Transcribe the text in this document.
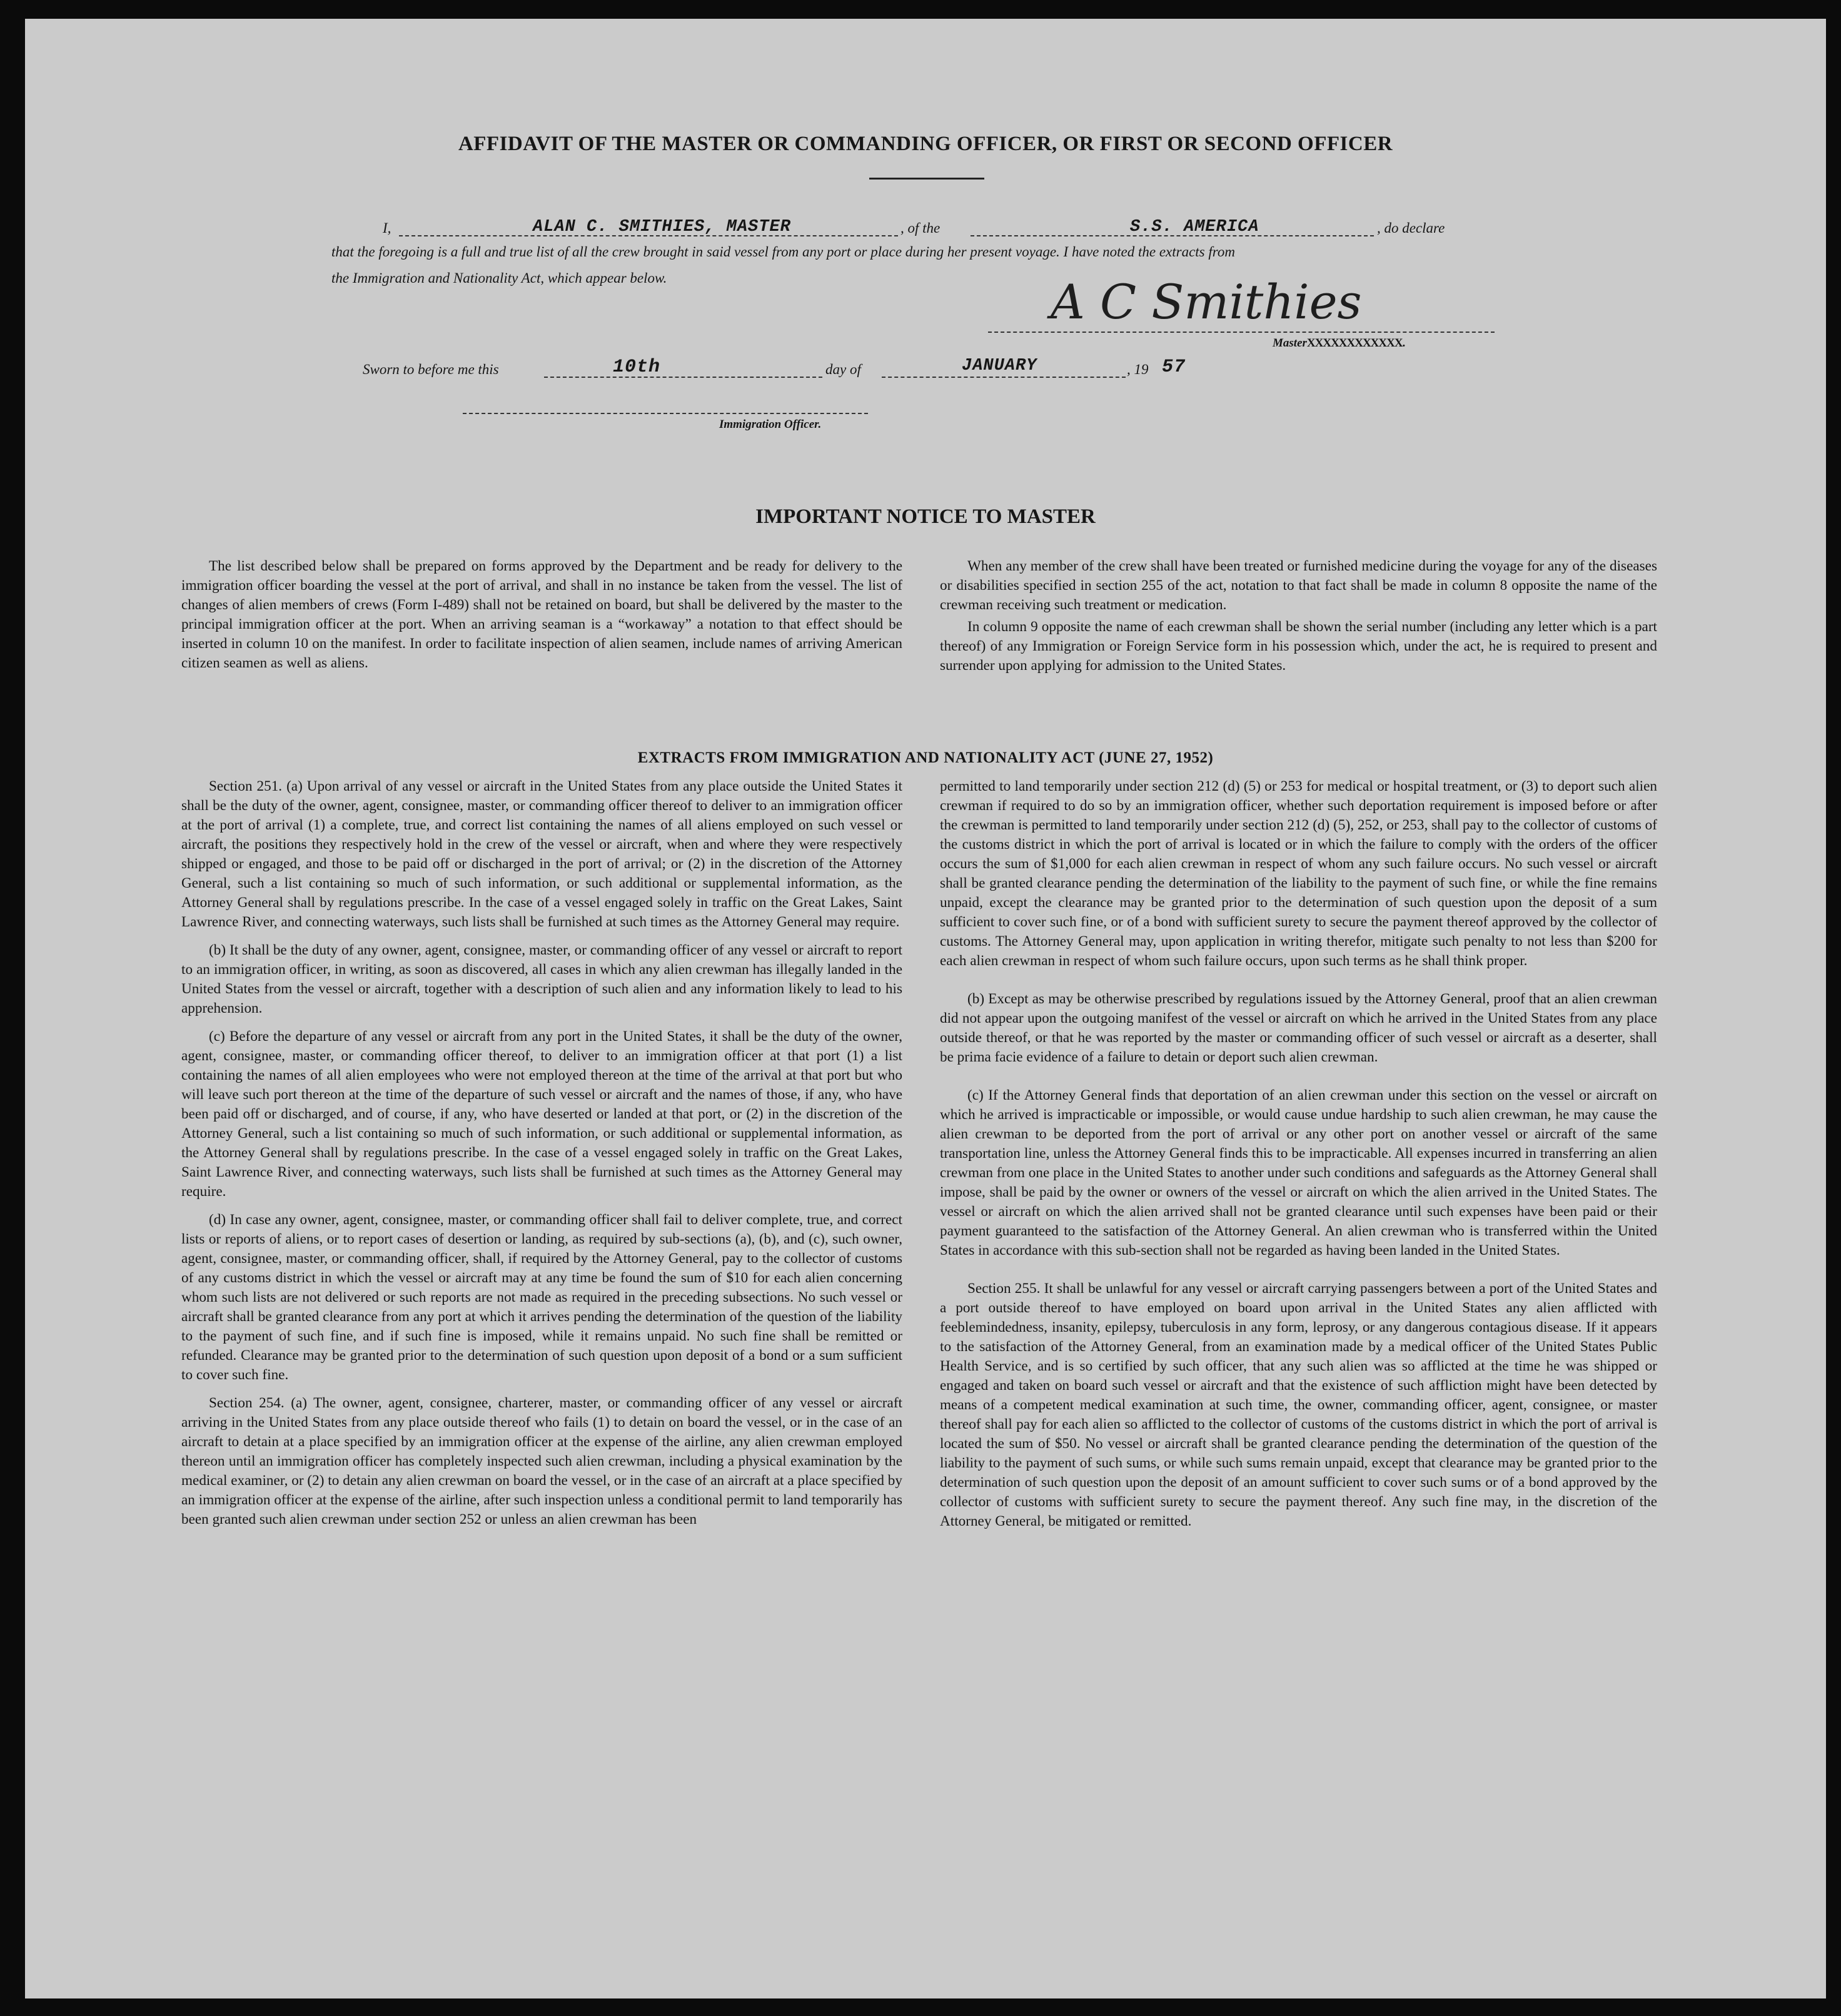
AFFIDAVIT OF THE MASTER OR COMMANDING OFFICER, OR FIRST OR SECOND OFFICER
I,	ALAN C. SMITHIES, MASTER	, of the	S.S. AMERICA	, do declare
that the foregoing is a full and true list of all the crew brought in said vessel from any port or place during her present voyage. I have noted the extracts from
the Immigration and Nationality Act, which appear below.	A C Smithies
MasterXXXXXXXXXXXX.
Sworn to before me this	10th	day of	JANUARY	, 19 57
Immigration Officer.
IMPORTANT NOTICE TO MASTER

The list described below shall be prepared on forms approved by the Department and be ready for delivery to the immigration officer boarding the vessel at the port of arrival, and shall in no instance be taken from the vessel. The list of changes of alien members of crews (Form I-489) shall not be retained on board, but shall be delivered by the master to the principal immigration officer at the port. When an arriving seaman is a “workaway” a notation to that effect should be inserted in column 10 on the manifest. In order to facilitate inspection of alien seamen, include names of arriving American citizen seamen as well as aliens.

When any member of the crew shall have been treated or furnished medicine during the voyage for any of the diseases or disabilities specified in section 255 of the act, notation to that fact shall be made in column 8 opposite the name of the crewman receiving such treatment or medication.

In column 9 opposite the name of each crewman shall be shown the serial number (including any letter which is a part thereof) of any Immigration or Foreign Service form in his possession which, under the act, he is required to present and surrender upon applying for admission to the United States.

EXTRACTS FROM IMMIGRATION AND NATIONALITY ACT (JUNE 27, 1952)

Section 251. (a) Upon arrival of any vessel or aircraft in the United States from any place outside the United States it shall be the duty of the owner, agent, consignee, master, or commanding officer thereof to deliver to an immigration officer at the port of arrival (1) a complete, true, and correct list containing the names of all aliens employed on such vessel or aircraft, the positions they respectively hold in the crew of the vessel or aircraft, when and where they were respectively shipped or engaged, and those to be paid off or discharged in the port of arrival; or (2) in the discretion of the Attorney General, such a list containing so much of such information, or such additional or supplemental information, as the Attorney General shall by regulations prescribe. In the case of a vessel engaged solely in traffic on the Great Lakes, Saint Lawrence River, and connecting waterways, such lists shall be furnished at such times as the Attorney General may require.

(b) It shall be the duty of any owner, agent, consignee, master, or commanding officer of any vessel or aircraft to report to an immigration officer, in writing, as soon as discovered, all cases in which any alien crewman has illegally landed in the United States from the vessel or aircraft, together with a description of such alien and any information likely to lead to his apprehension.

(c) Before the departure of any vessel or aircraft from any port in the United States, it shall be the duty of the owner, agent, consignee, master, or commanding officer thereof, to deliver to an immigration officer at that port (1) a list containing the names of all alien employees who were not employed thereon at the time of the arrival at that port but who will leave such port thereon at the time of the departure of such vessel or aircraft and the names of those, if any, who have been paid off or discharged, and of course, if any, who have deserted or landed at that port, or (2) in the discretion of the Attorney General, such a list containing so much of such information, or such additional or supplemental information, as the Attorney General shall by regulations prescribe. In the case of a vessel engaged solely in traffic on the Great Lakes, Saint Lawrence River, and connecting waterways, such lists shall be furnished at such times as the Attorney General may require.

(d) In case any owner, agent, consignee, master, or commanding officer shall fail to deliver complete, true, and correct lists or reports of aliens, or to report cases of desertion or landing, as required by sub-sections (a), (b), and (c), such owner, agent, consignee, master, or commanding officer, shall, if required by the Attorney General, pay to the collector of customs of any customs district in which the vessel or aircraft may at any time be found the sum of $10 for each alien concerning whom such lists are not delivered or such reports are not made as required in the preceding subsections. No such vessel or aircraft shall be granted clearance from any port at which it arrives pending the determination of the question of the liability to the payment of such fine, and if such fine is imposed, while it remains unpaid. No such fine shall be remitted or refunded. Clearance may be granted prior to the determination of such question upon deposit of a bond or a sum sufficient to cover such fine.

Section 254. (a) The owner, agent, consignee, charterer, master, or commanding officer of any vessel or aircraft arriving in the United States from any place outside thereof who fails (1) to detain on board the vessel, or in the case of an aircraft to detain at a place specified by an immigration officer at the expense of the airline, any alien crewman employed thereon until an immigration officer has completely inspected such alien crewman, including a physical examination by the medical examiner, or (2) to detain any alien crewman on board the vessel, or in the case of an aircraft at a place specified by an immigration officer at the expense of the airline, after such inspection unless a conditional permit to land temporarily has been granted such alien crewman under section 252 or unless an alien crewman has been

permitted to land temporarily under section 212 (d) (5) or 253 for medical or hospital treatment, or (3) to deport such alien crewman if required to do so by an immigration officer, whether such deportation requirement is imposed before or after the crewman is permitted to land temporarily under section 212 (d) (5), 252, or 253, shall pay to the collector of customs of the customs district in which the port of arrival is located or in which the failure to comply with the orders of the officer occurs the sum of $1,000 for each alien crewman in respect of whom any such failure occurs. No such vessel or aircraft shall be granted clearance pending the determination of the liability to the payment of such fine, or while the fine remains unpaid, except the clearance may be granted prior to the determination of such question upon the deposit of a sum sufficient to cover such fine, or of a bond with sufficient surety to secure the payment thereof approved by the collector of customs. The Attorney General may, upon application in writing therefor, mitigate such penalty to not less than $200 for each alien crewman in respect of whom such failure occurs, upon such terms as he shall think proper.

(b) Except as may be otherwise prescribed by regulations issued by the Attorney General, proof that an alien crewman did not appear upon the outgoing manifest of the vessel or aircraft on which he arrived in the United States from any place outside thereof, or that he was reported by the master or commanding officer of such vessel or aircraft as a deserter, shall be prima facie evidence of a failure to detain or deport such alien crewman.

(c) If the Attorney General finds that deportation of an alien crewman under this section on the vessel or aircraft on which he arrived is impracticable or impossible, or would cause undue hardship to such alien crewman, he may cause the alien crewman to be deported from the port of arrival or any other port on another vessel or aircraft of the same transportation line, unless the Attorney General finds this to be impracticable. All expenses incurred in transferring an alien crewman from one place in the United States to another under such conditions and safeguards as the Attorney General shall impose, shall be paid by the owner or owners of the vessel or aircraft on which the alien arrived in the United States. The vessel or aircraft on which the alien arrived shall not be granted clearance until such expenses have been paid or their payment guaranteed to the satisfaction of the Attorney General. An alien crewman who is transferred within the United States in accordance with this sub-section shall not be regarded as having been landed in the United States.

Section 255. It shall be unlawful for any vessel or aircraft carrying passengers between a port of the United States and a port outside thereof to have employed on board upon arrival in the United States any alien afflicted with feeblemindedness, insanity, epilepsy, tuberculosis in any form, leprosy, or any dangerous contagious disease. If it appears to the satisfaction of the Attorney General, from an examination made by a medical officer of the United States Public Health Service, and is so certified by such officer, that any such alien was so afflicted at the time he was shipped or engaged and taken on board such vessel or aircraft and that the existence of such affliction might have been detected by means of a competent medical examination at such time, the owner, commanding officer, agent, consignee, or master thereof shall pay for each alien so afflicted to the collector of customs of the customs district in which the port of arrival is located the sum of $50. No vessel or aircraft shall be granted clearance pending the determination of the question of the liability to the payment of such sums, or while such sums remain unpaid, except that clearance may be granted prior to the determination of such question upon the deposit of an amount sufficient to cover such sums or of a bond approved by the collector of customs with sufficient surety to secure the payment thereof. Any such fine may, in the discretion of the Attorney General, be mitigated or remitted.
